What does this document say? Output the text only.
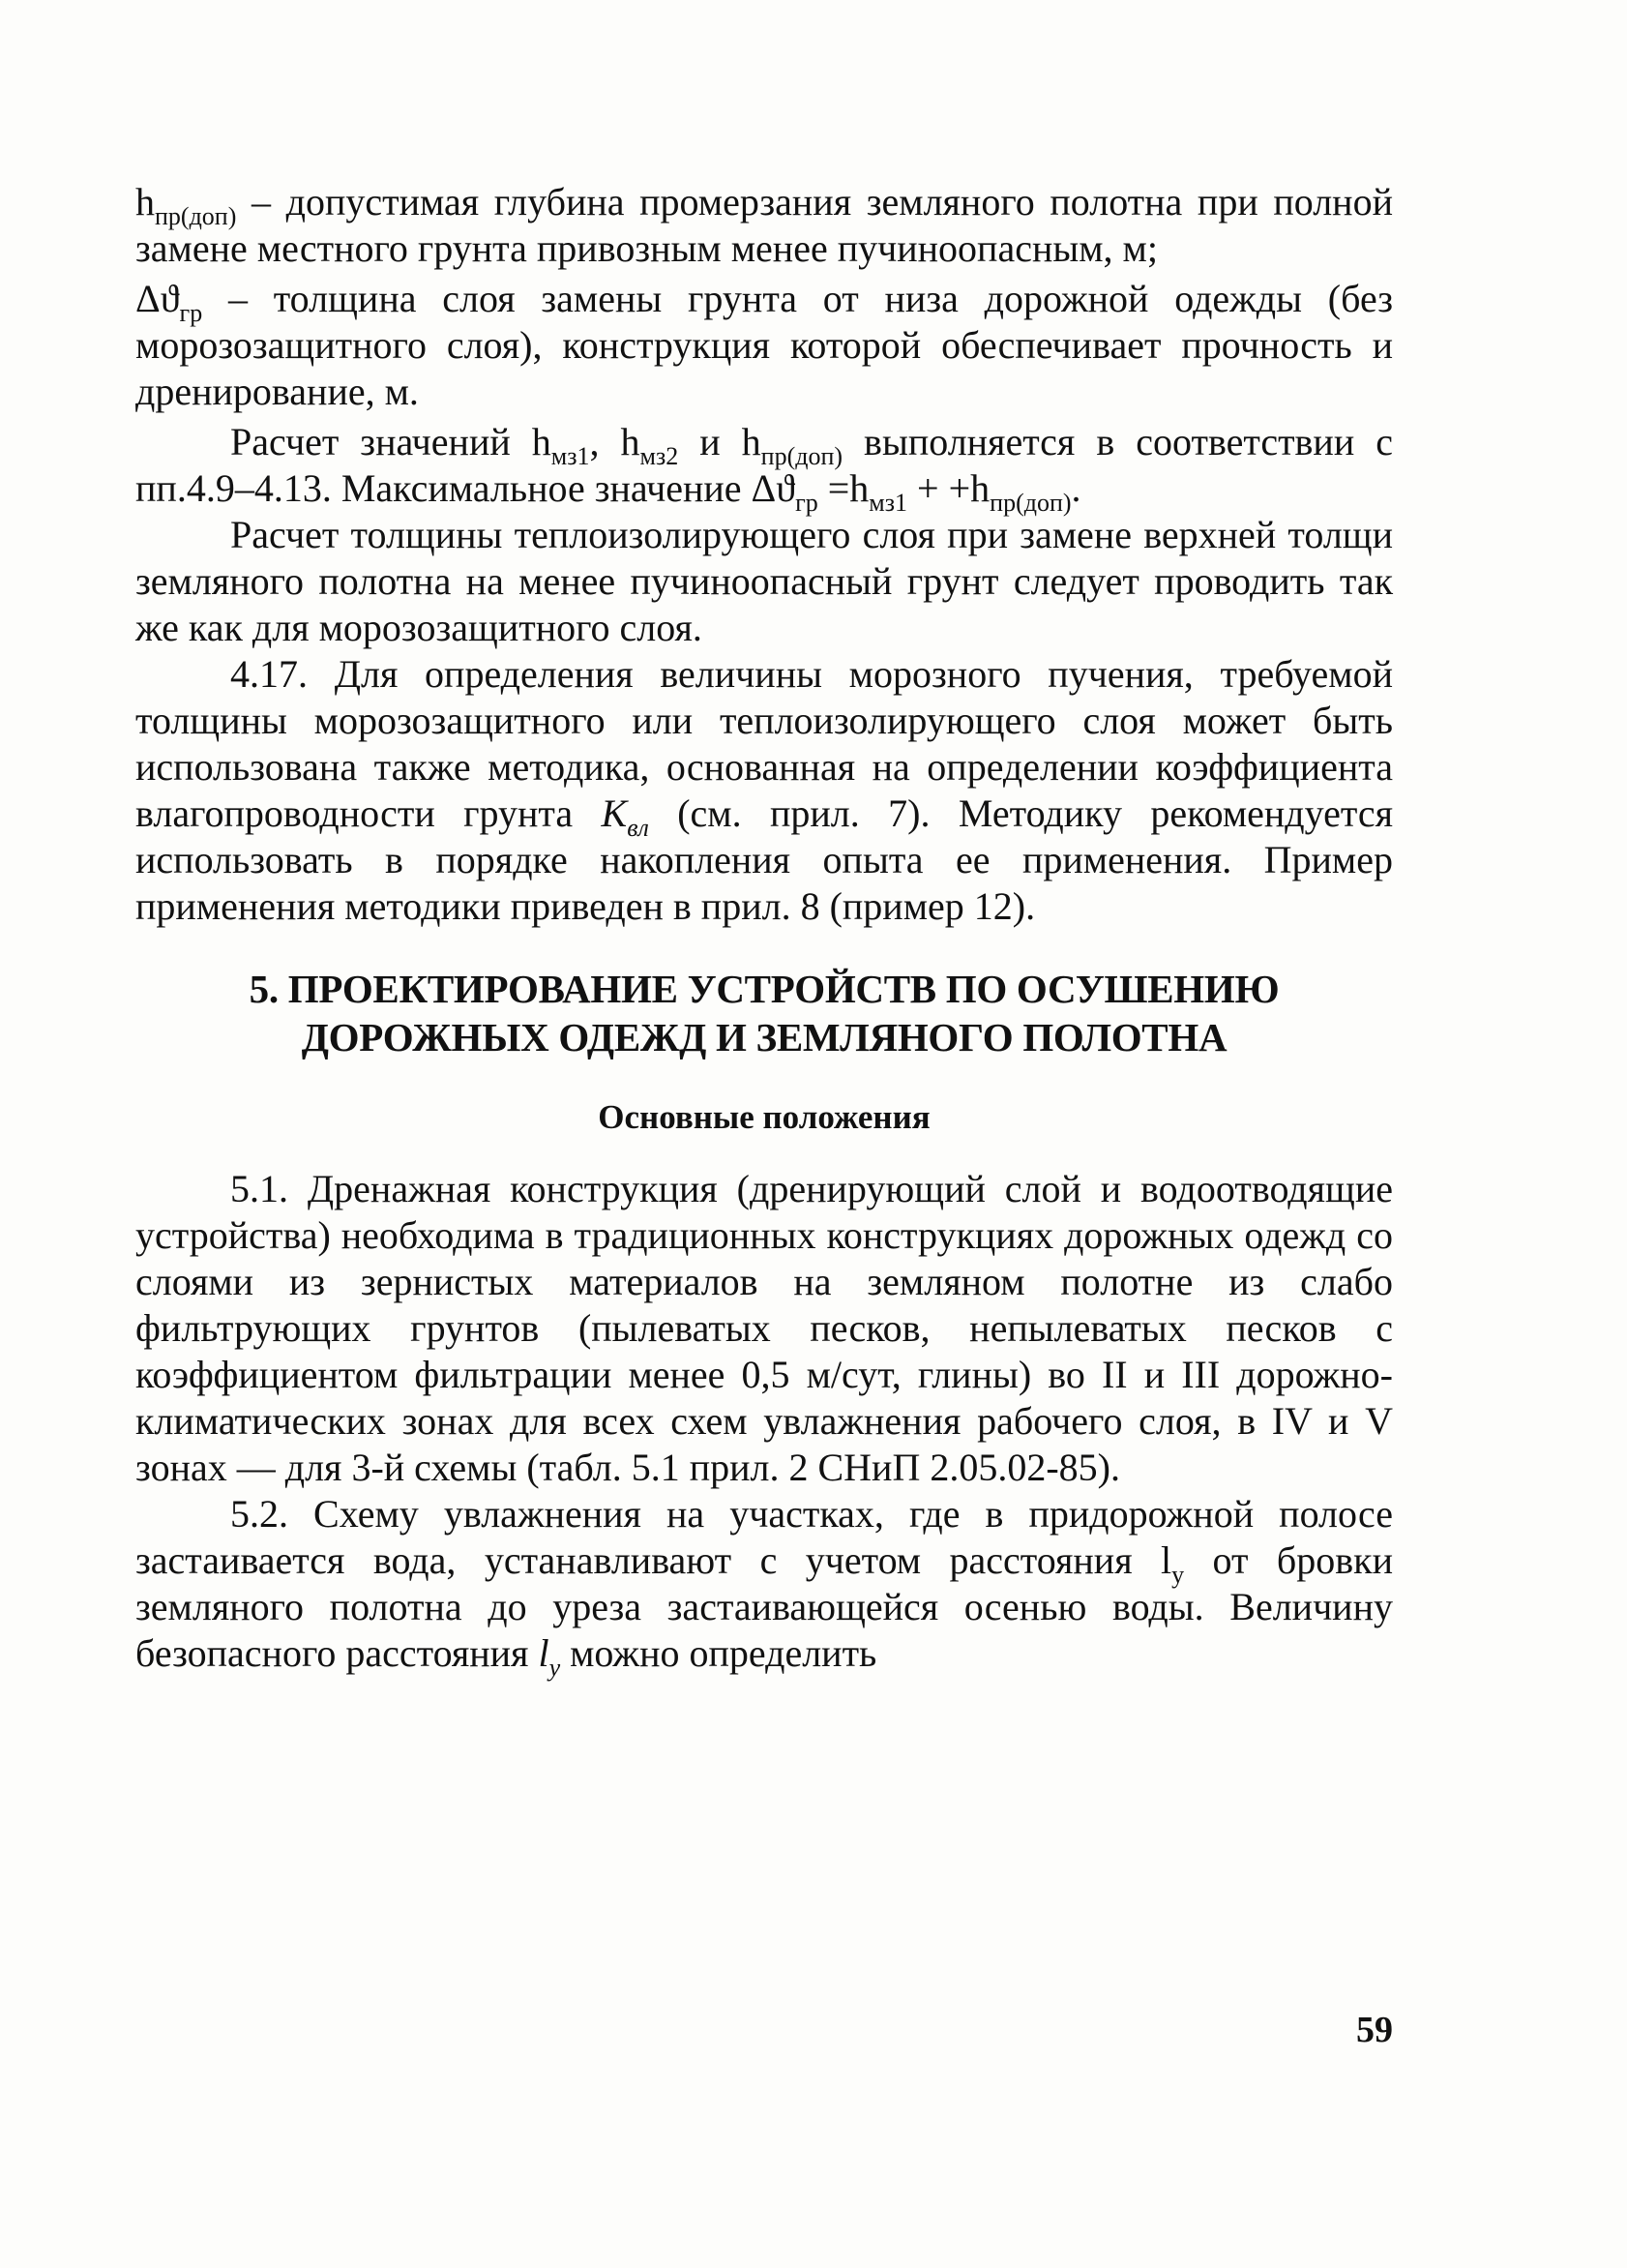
$h_{пр(доп)}$ – допустимая глубина промерзания земляного полотна при полной замене местного грунта привозным менее пучиноопасным, м;

$\Delta ϑ_{гр}$ – толщина слоя замены грунта от низа дорожной одежды (без морозозащитного слоя), конструкция которой обеспечивает прочность и дренирование, м.

Расчет значений $h_{мз1}$, $h_{мз2}$ и $h_{пр(доп)}$ выполняется в соответствии с пп.4.9–4.13. Максимальное значение $\Delta ϑ_{гр} =h_{мз1} + +h_{пр(доп)}$.

Расчет толщины теплоизолирующего слоя при замене верхней толщи земляного полотна на менее пучиноопасный грунт следует проводить так же как для морозозащитного слоя.

4.17. Для определения величины морозного пучения, требуемой толщины морозозащитного или теплоизолирующего слоя может быть использована также методика, основанная на определении коэффициента влагопроводности грунта $K_{вл}$ (см. прил. 7). Методику рекомендуется использовать в порядке накопления опыта ее применения. Пример применения методики приведен в прил. 8 (пример 12).

5. ПРОЕКТИРОВАНИЕ УСТРОЙСТВ ПО ОСУШЕНИЮ
ДОРОЖНЫХ ОДЕЖД И ЗЕМЛЯНОГО ПОЛОТНА

Основные положения

5.1. Дренажная конструкция (дренирующий слой и водоотводящие устройства) необходима в традиционных конструкциях дорожных одежд со слоями из зернистых материалов на земляном полотне из слабо фильтрующих грунтов (пылеватых песков, непылеватых песков с коэффициентом фильтрации менее 0,5 м/сут, глины) во II и III дорожно-климатических зонах для всех схем увлажнения рабочего слоя, в IV и V зонах — для 3-й схемы (табл. 5.1 прил. 2 СНиП 2.05.02-85).

5.2. Схему увлажнения на участках, где в придорожной полосе застаивается вода, устанавливают с учетом расстояния $l_у$ от бровки земляного полотна до уреза застаивающейся осенью воды. Величину безопасного расстояния $l_у$ можно определить

59
